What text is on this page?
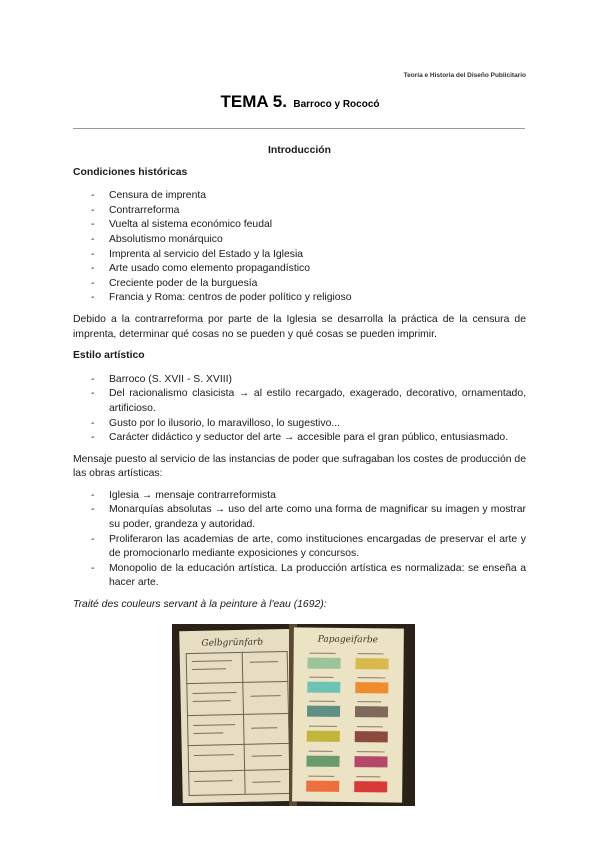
Teoría e Historia del Diseño Publicitario
TEMA 5. Barroco y Rococó
Introducción
Condiciones históricas
- Censura de imprenta
- Contrarreforma
- Vuelta al sistema económico feudal
- Absolutismo monárquico
- Imprenta al servicio del Estado y la Iglesia
- Arte usado como elemento propagandístico
- Creciente poder de la burguesía
- Francia y Roma: centros de poder político y religioso

Debido a la contrarreforma por parte de la Iglesia se desarrolla la práctica de la censura de imprenta, determinar qué cosas no se pueden y qué cosas se pueden imprimir.

Estilo artístico
- Barroco (S. XVII - S. XVIII)
- Del racionalismo clasicista → al estilo recargado, exagerado, decorativo, ornamentado, artificioso.
- Gusto por lo ilusorio, lo maravilloso, lo sugestivo...
- Carácter didáctico y seductor del arte → accesible para el gran público, entusiasmado.

Mensaje puesto al servicio de las instancias de poder que sufragaban los costes de producción de las obras artísticas:

- Iglesia → mensaje contrarreformista
- Monarquías absolutas → uso del arte como una forma de magnificar su imagen y mostrar su poder, grandeza y autoridad.
- Proliferaron las academias de arte, como instituciones encargadas de preservar el arte y de promocionarlo mediante exposiciones y concursos.
- Monopolio de la educación artística. La producción artística es normalizada: se enseña a hacer arte.

Traité des couleurs servant à la peinture à l'eau (1692):

Gelbgrünfarb	Papageifarbe
